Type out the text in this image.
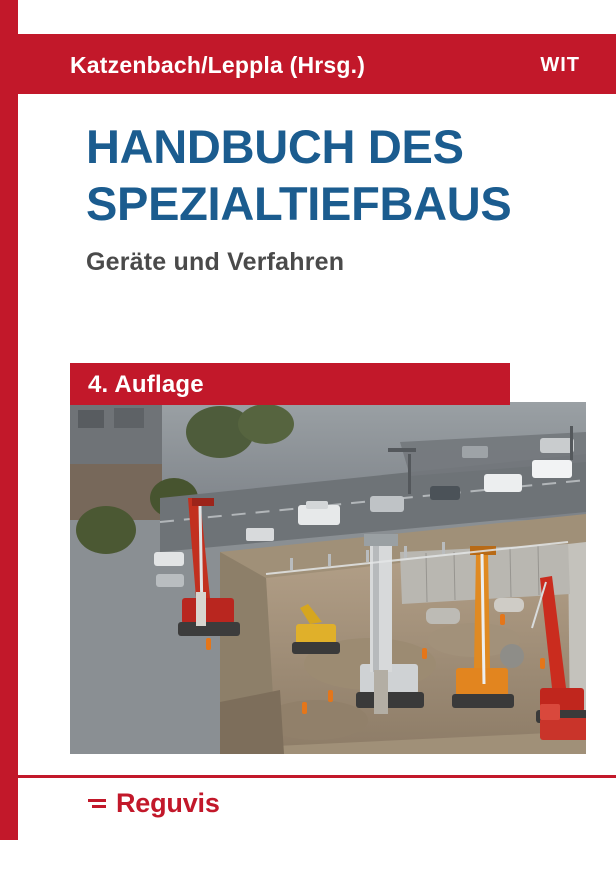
Katzenbach/Leppla (Hrsg.)	WIT
HANDBUCH DES
SPEZIALTIEFBAUS
Geräte und Verfahren
4. Auflage
Reguvis
